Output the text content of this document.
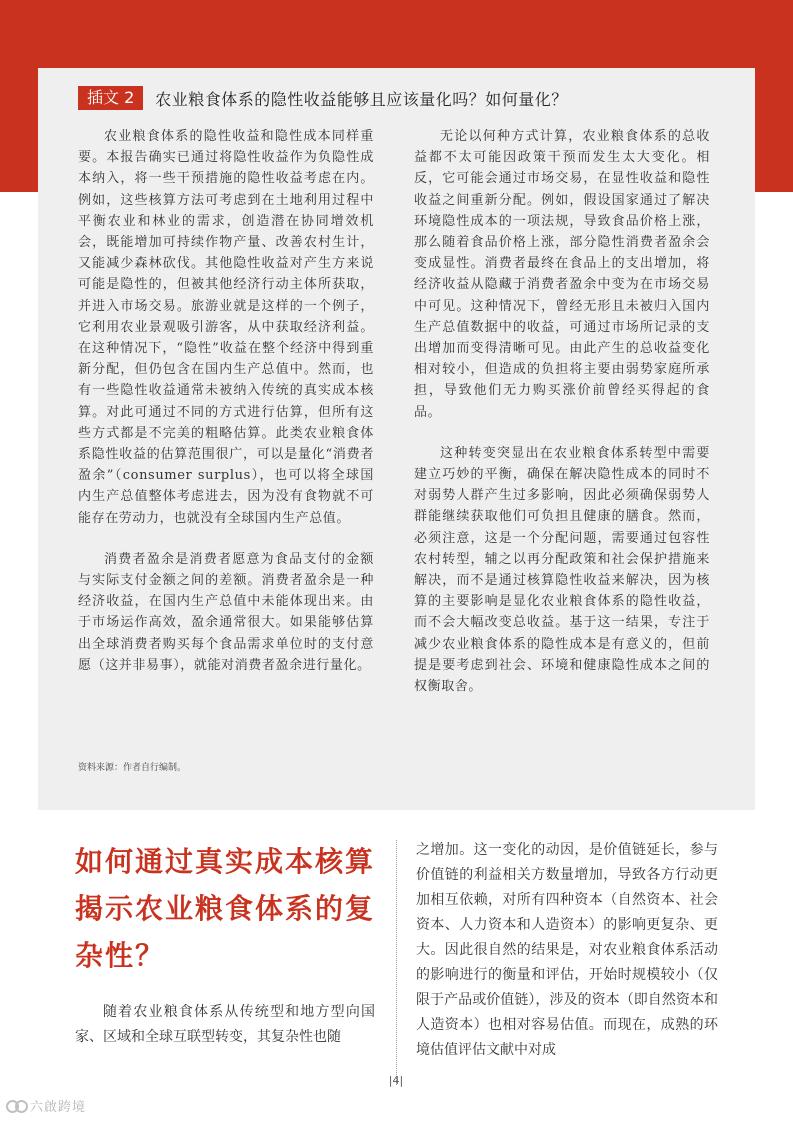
插文 2	农业粮食体系的隐性收益能够且应该量化吗？如何量化？

农业粮食体系的隐性收益和隐性成本同样重要。本报告确实已通过将隐性收益作为负隐性成本纳入，将一些干预措施的隐性收益考虑在内。例如，这些核算方法可考虑到在土地利用过程中平衡农业和林业的需求，创造潜在协同增效机会，既能增加可持续作物产量、改善农村生计，又能减少森林砍伐。其他隐性收益对产生方来说可能是隐性的，但被其他经济行动主体所获取，并进入市场交易。旅游业就是这样的一个例子，它利用农业景观吸引游客，从中获取经济利益。在这种情况下，“隐性”收益在整个经济中得到重新分配，但仍包含在国内生产总值中。然而，也有一些隐性收益通常未被纳入传统的真实成本核算。对此可通过不同的方式进行估算，但所有这些方式都是不完美的粗略估算。此类农业粮食体系隐性收益的估算范围很广，可以是量化“消费者盈余”（consumer surplus），也可以将全球国内生产总值整体考虑进去，因为没有食物就不可能存在劳动力，也就没有全球国内生产总值。

消费者盈余是消费者愿意为食品支付的金额与实际支付金额之间的差额。消费者盈余是一种经济收益，在国内生产总值中未能体现出来。由于市场运作高效，盈余通常很大。如果能够估算出全球消费者购买每个食品需求单位时的支付意愿（这并非易事），就能对消费者盈余进行量化。

无论以何种方式计算，农业粮食体系的总收益都不太可能因政策干预而发生太大变化。相反，它可能会通过市场交易，在显性收益和隐性收益之间重新分配。例如，假设国家通过了解决环境隐性成本的一项法规，导致食品价格上涨，那么随着食品价格上涨，部分隐性消费者盈余会变成显性。消费者最终在食品上的支出增加，将经济收益从隐藏于消费者盈余中变为在市场交易中可见。这种情况下，曾经无形且未被归入国内生产总值数据中的收益，可通过市场所记录的支出增加而变得清晰可见。由此产生的总收益变化相对较小，但造成的负担将主要由弱势家庭所承担，导致他们无力购买涨价前曾经买得起的食品。

这种转变突显出在农业粮食体系转型中需要建立巧妙的平衡，确保在解决隐性成本的同时不对弱势人群产生过多影响，因此必须确保弱势人群能继续获取他们可负担且健康的膳食。然而，必须注意，这是一个分配问题，需要通过包容性农村转型，辅之以再分配政策和社会保护措施来解决，而不是通过核算隐性收益来解决，因为核算的主要影响是显化农业粮食体系的隐性收益，而不会大幅改变总收益。基于这一结果，专注于减少农业粮食体系的隐性成本是有意义的，但前提是要考虑到社会、环境和健康隐性成本之间的权衡取舍。

资料来源：作者自行编制。
如何通过真实成本核算揭示农业粮食体系的复杂性？

随着农业粮食体系从传统型和地方型向国家、区域和全球互联型转变，其复杂性也随

之增加。这一变化的动因，是价值链延长，参与价值链的利益相关方数量增加，导致各方行动更加相互依赖，对所有四种资本（自然资本、社会资本、人力资本和人造资本）的影响更复杂、更大。因此很自然的结果是，对农业粮食体系活动的影响进行的衡量和评估，开始时规模较小（仅限于产品或价值链），涉及的资本（即自然资本和人造资本）也相对容易估值。而现在，成熟的环境估值评估文献中对成

|4|
六啟跨境
